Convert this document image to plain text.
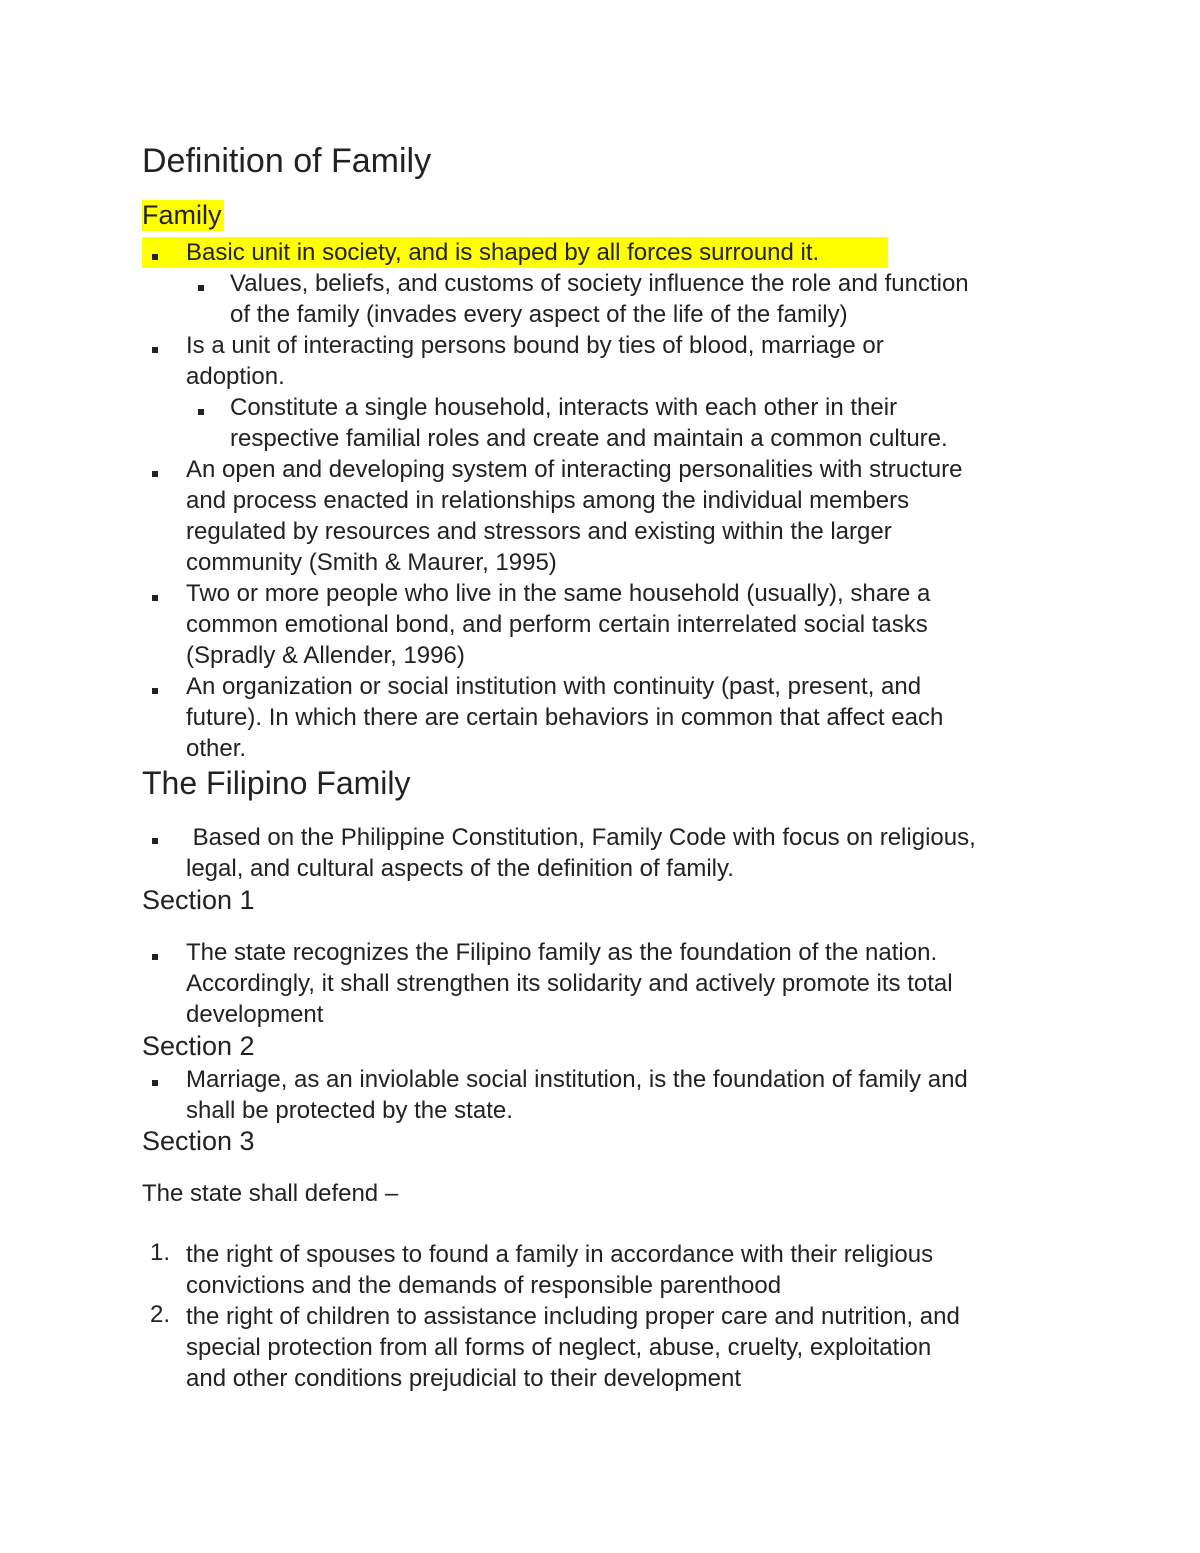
Definition of Family
Family
Basic unit in society, and is shaped by all forces surround it.
Values, beliefs, and customs of society influence the role and function
of the family (invades every aspect of the life of the family)
Is a unit of interacting persons bound by ties of blood, marriage or
adoption.
Constitute a single household, interacts with each other in their
respective familial roles and create and maintain a common culture.
An open and developing system of interacting personalities with structure
and process enacted in relationships among the individual members
regulated by resources and stressors and existing within the larger
community (Smith & Maurer, 1995)
Two or more people who live in the same household (usually), share a
common emotional bond, and perform certain interrelated social tasks
(Spradly & Allender, 1996)
An organization or social institution with continuity (past, present, and
future). In which there are certain behaviors in common that affect each
other.
The Filipino Family
Based on the Philippine Constitution, Family Code with focus on religious,
legal, and cultural aspects of the definition of family.
Section 1
The state recognizes the Filipino family as the foundation of the nation.
Accordingly, it shall strengthen its solidarity and actively promote its total
development
Section 2
Marriage, as an inviolable social institution, is the foundation of family and
shall be protected by the state.
Section 3
The state shall defend –
1. the right of spouses to found a family in accordance with their religious
convictions and the demands of responsible parenthood
2. the right of children to assistance including proper care and nutrition, and
special protection from all forms of neglect, abuse, cruelty, exploitation
and other conditions prejudicial to their development
